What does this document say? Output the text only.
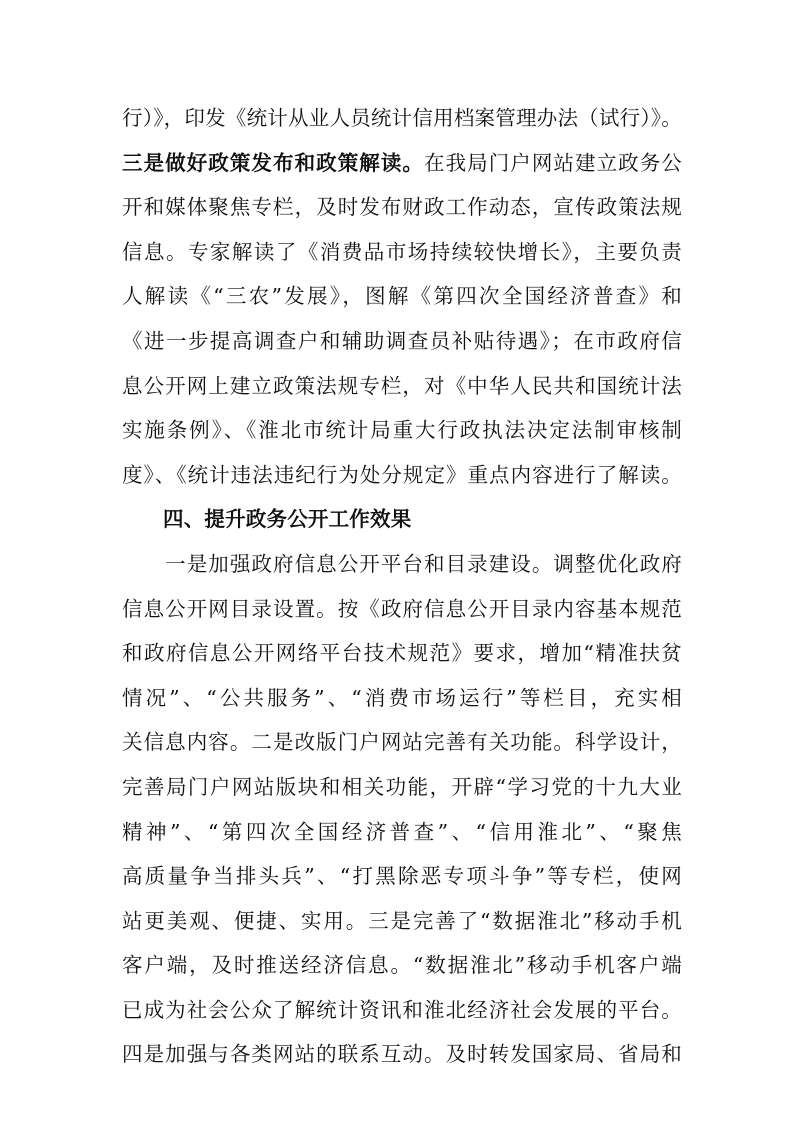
行）》，印发《统计从业人员统计信用档案管理办法（试行）》。
三是做好政策发布和政策解读。在我局门户网站建立政务公
开和媒体聚焦专栏，及时发布财政工作动态，宣传政策法规
信息。专家解读了《消费品市场持续较快增长》，主要负责
人解读《“三农”发展》，图解《第四次全国经济普查》和
《进一步提高调查户和辅助调查员补贴待遇》；在市政府信
息公开网上建立政策法规专栏，对《中华人民共和国统计法
实施条例》、《淮北市统计局重大行政执法决定法制审核制
度》、《统计违法违纪行为处分规定》重点内容进行了解读。
四、提升政务公开工作效果
　　一是加强政府信息公开平台和目录建设。调整优化政府
信息公开网目录设置。按《政府信息公开目录内容基本规范
和政府信息公开网络平台技术规范》要求，增加“精准扶贫
情况”、“公共服务”、“消费市场运行”等栏目，充实相
关信息内容。二是改版门户网站完善有关功能。科学设计，
完善局门户网站版块和相关功能，开辟“学习党的十九大业
精神”、“第四次全国经济普查”、“信用淮北”、“聚焦
高质量争当排头兵”、“打黑除恶专项斗争”等专栏，使网
站更美观、便捷、实用。三是完善了“数据淮北”移动手机
客户端，及时推送经济信息。“数据淮北”移动手机客户端
已成为社会公众了解统计资讯和淮北经济社会发展的平台。
四是加强与各类网站的联系互动。及时转发国家局、省局和
